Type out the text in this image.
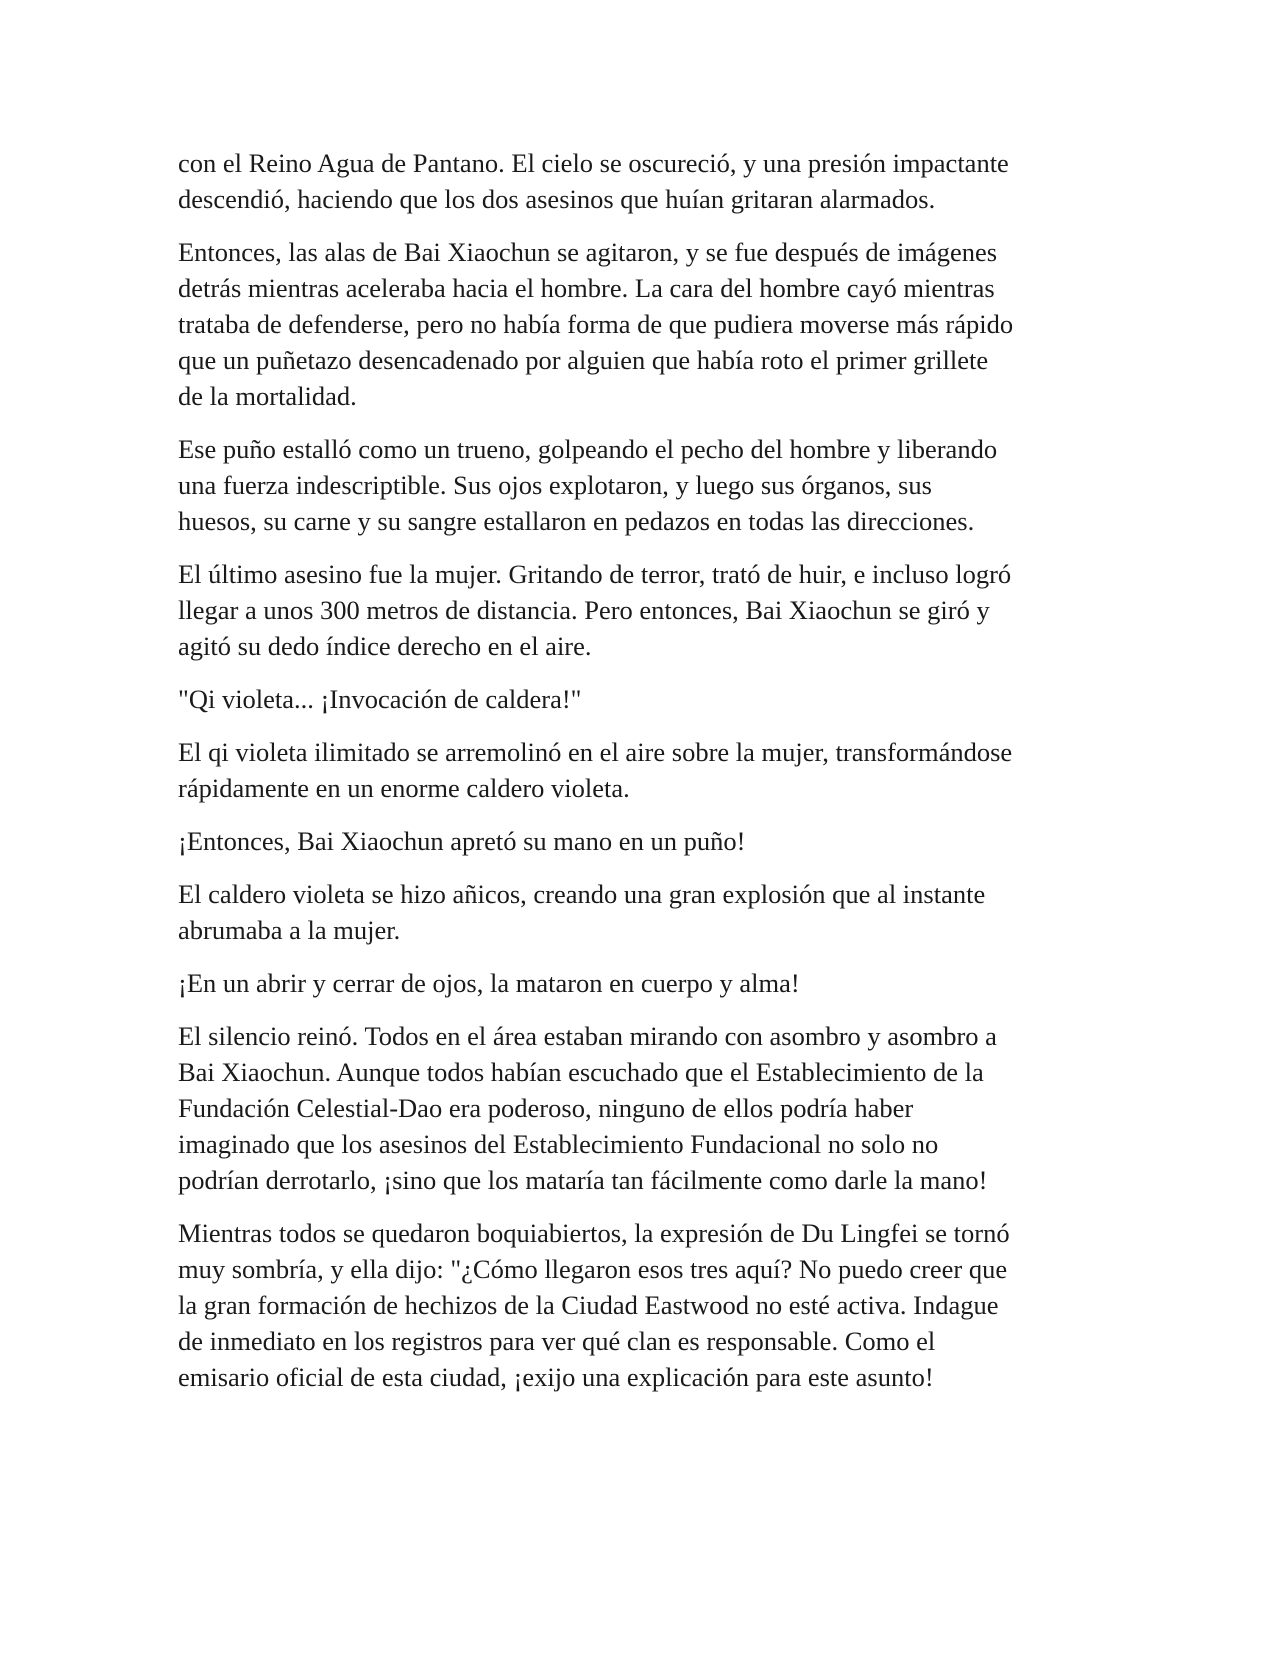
con el Reino Agua de Pantano. El cielo se oscureció, y una presión impactante
descendió, haciendo que los dos asesinos que huían gritaran alarmados.

Entonces, las alas de Bai Xiaochun se agitaron, y se fue después de imágenes
detrás mientras aceleraba hacia el hombre. La cara del hombre cayó mientras
trataba de defenderse, pero no había forma de que pudiera moverse más rápido
que un puñetazo desencadenado por alguien que había roto el primer grillete
de la mortalidad.

Ese puño estalló como un trueno, golpeando el pecho del hombre y liberando
una fuerza indescriptible. Sus ojos explotaron, y luego sus órganos, sus
huesos, su carne y su sangre estallaron en pedazos en todas las direcciones.

El último asesino fue la mujer. Gritando de terror, trató de huir, e incluso logró
llegar a unos 300 metros de distancia. Pero entonces, Bai Xiaochun se giró y
agitó su dedo índice derecho en el aire.

"Qi violeta... ¡Invocación de caldera!"

El qi violeta ilimitado se arremolinó en el aire sobre la mujer, transformándose
rápidamente en un enorme caldero violeta.

¡Entonces, Bai Xiaochun apretó su mano en un puño!

El caldero violeta se hizo añicos, creando una gran explosión que al instante
abrumaba a la mujer.

¡En un abrir y cerrar de ojos, la mataron en cuerpo y alma!

El silencio reinó. Todos en el área estaban mirando con asombro y asombro a
Bai Xiaochun. Aunque todos habían escuchado que el Establecimiento de la
Fundación Celestial-Dao era poderoso, ninguno de ellos podría haber
imaginado que los asesinos del Establecimiento Fundacional no solo no
podrían derrotarlo, ¡sino que los mataría tan fácilmente como darle la mano!

Mientras todos se quedaron boquiabiertos, la expresión de Du Lingfei se tornó
muy sombría, y ella dijo: "¿Cómo llegaron esos tres aquí? No puedo creer que
la gran formación de hechizos de la Ciudad Eastwood no esté activa. Indague
de inmediato en los registros para ver qué clan es responsable. Como el
emisario oficial de esta ciudad, ¡exijo una explicación para este asunto!
